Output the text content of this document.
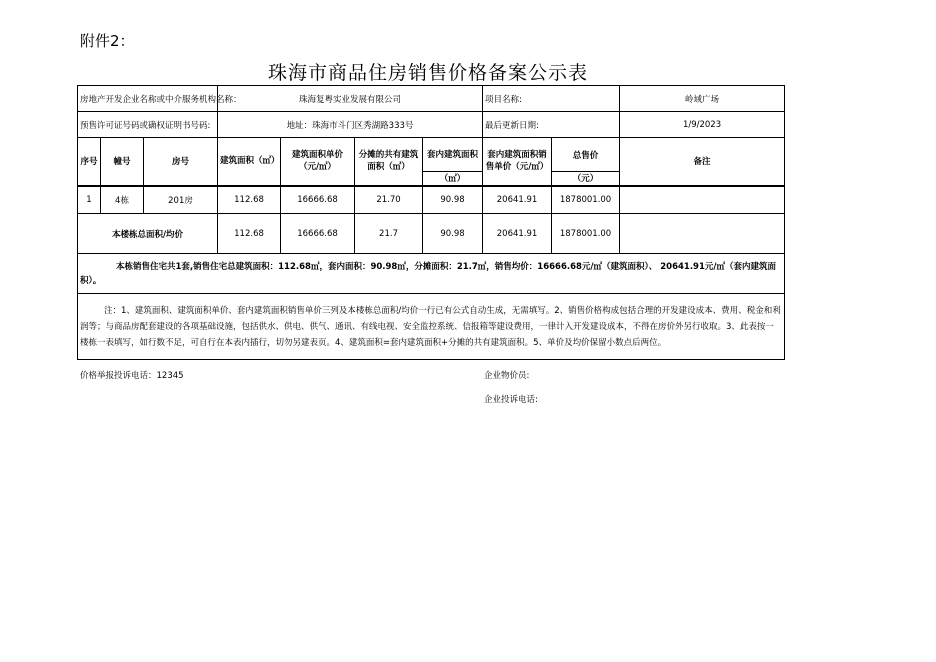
附件2：
珠海市商品住房销售价格备案公示表
房地产开发企业名称或中介服务机构名称：			珠海复粤实业发展有限公司				项目名称:		岭域广场
预售许可证号码或确权证明书号码:			地址：珠海市斗门区秀湖路333号				最后更新日期:		1/9/2023
序号	幢号	房号	建筑面积（㎡）	建筑面积单价（元/㎡）	分摊的共有建筑面积（㎡）	套内建筑面积	套内建筑面积销售单价（元/㎡）	总售价	备注
						（㎡）		（元）	
1	4栋	201房	112.68	16666.68	21.70	90.98	20641.91	1878001.00	
本楼栋总面积/均价			112.68	16666.68	21.7	90.98	20641.91	1878001.00	
本栋销售住宅共1套,销售住宅总建筑面积：112.68㎡，套内面积：90.98㎡，分摊面积：21.7㎡，销售均价：16666.68元/㎡（建筑面积）、 20641.91元/㎡（套内建筑面积）。									
注：1、建筑面积、建筑面积单价、套内建筑面积销售单价三列及本楼栋总面积/均价一行已有公式自动生成，无需填写。2、销售价格构成包括合理的开发建设成本、费用、税金和利润等；与商品房配套建设的各项基础设施，包括供水、供电、供气、通讯、有线电视、安全监控系统、信报箱等建设费用，一律计入开发建设成本，不得在房价外另行收取。3、此表按一楼栋一表填写，如行数不足，可自行在本表内插行，切勿另建表页。4、建筑面积=套内建筑面积+分摊的共有建筑面积。5、单价及均价保留小数点后两位。									
价格举报投诉电话：12345	企业物价员:
企业投诉电话:
